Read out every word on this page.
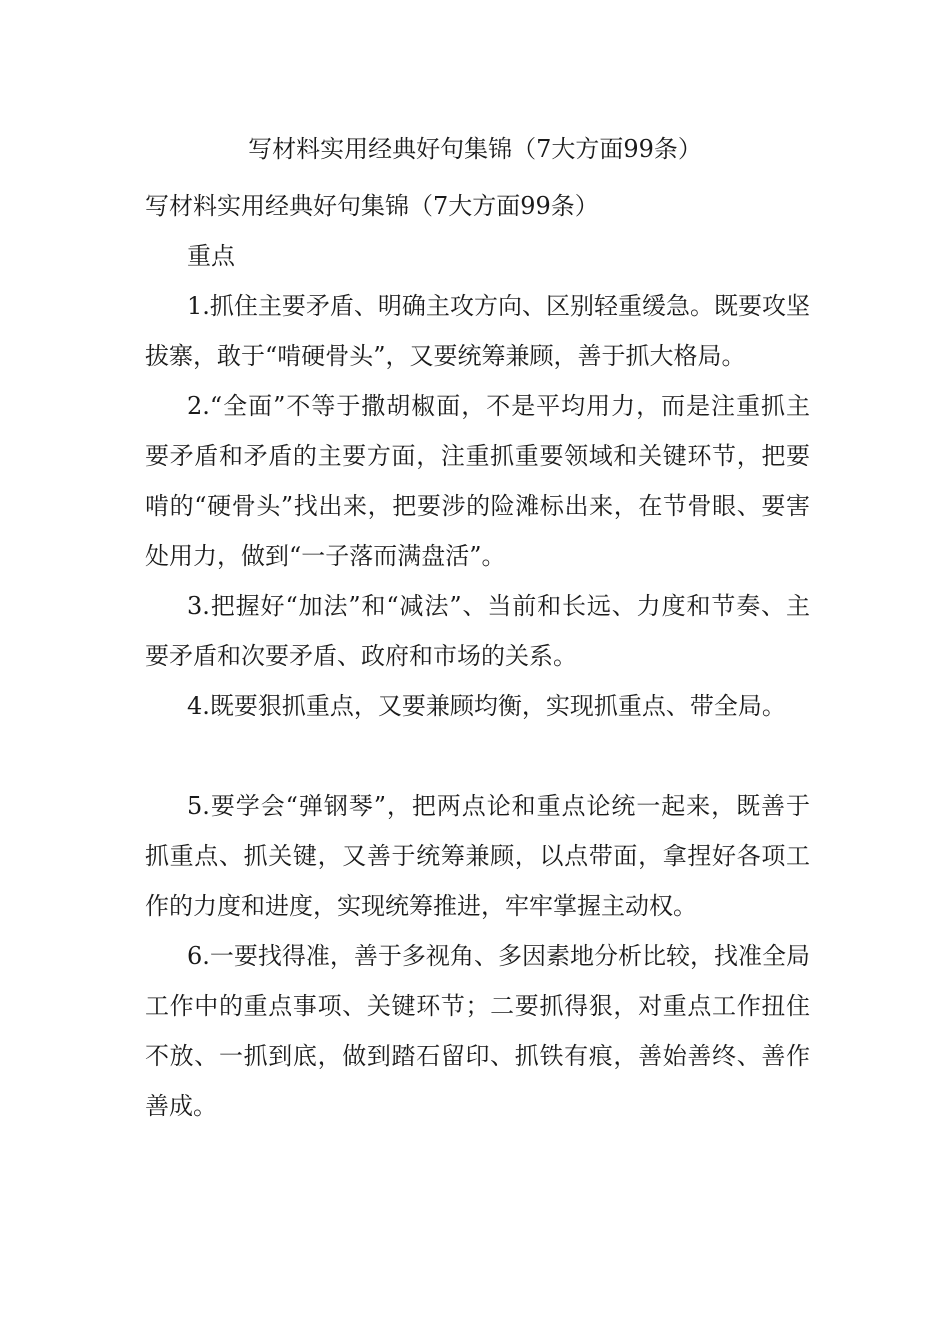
写材料实用经典好句集锦（7大方面99条）

写材料实用经典好句集锦（7大方面99条）

重点

1.抓住主要矛盾、明确主攻方向、区别轻重缓急。既要攻坚拔寨，敢于“啃硬骨头”，又要统筹兼顾，善于抓大格局。

2.“全面”不等于撒胡椒面，不是平均用力，而是注重抓主要矛盾和矛盾的主要方面，注重抓重要领域和关键环节，把要啃的“硬骨头”找出来，把要涉的险滩标出来，在节骨眼、要害处用力，做到“一子落而满盘活”。

3.把握好“加法”和“减法”、当前和长远、力度和节奏、主要矛盾和次要矛盾、政府和市场的关系。

4.既要狠抓重点，又要兼顾均衡，实现抓重点、带全局。

5.要学会“弹钢琴”，把两点论和重点论统一起来，既善于抓重点、抓关键，又善于统筹兼顾，以点带面，拿捏好各项工作的力度和进度，实现统筹推进，牢牢掌握主动权。

6.一要找得准，善于多视角、多因素地分析比较，找准全局工作中的重点事项、关键环节；二要抓得狠，对重点工作扭住不放、一抓到底，做到踏石留印、抓铁有痕，善始善终、善作善成。
